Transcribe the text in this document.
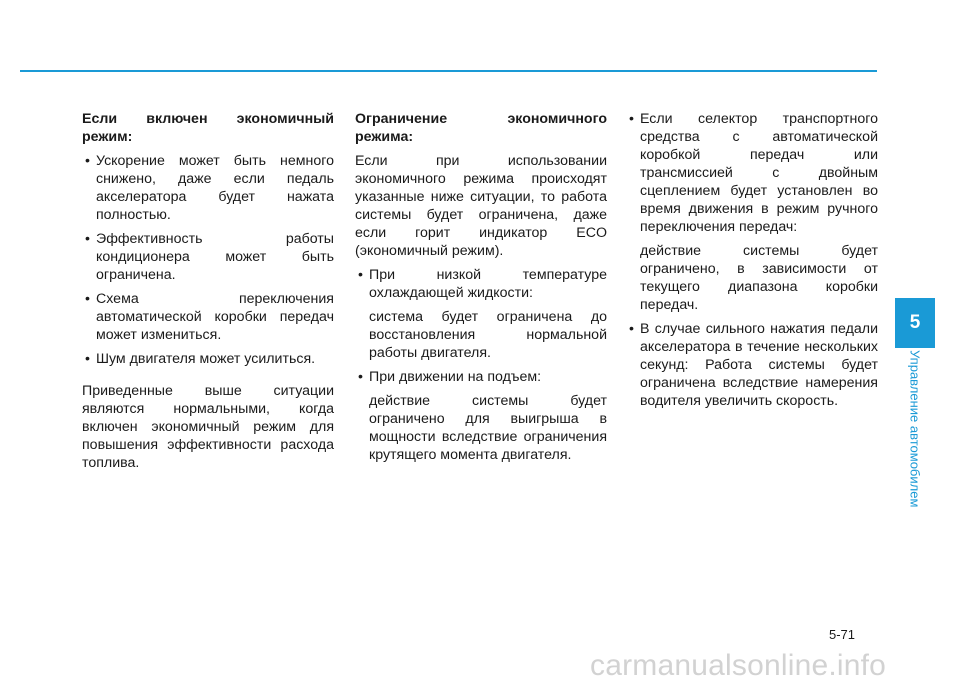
Если включен экономичный режим:
• Ускорение может быть немного снижено, даже если педаль акселератора будет нажата полностью.
• Эффективность работы кондиционера может быть ограничена.
• Схема переключения автоматической коробки передач может измениться.
• Шум двигателя может усилиться.

Приведенные выше ситуации являются нормальными, когда включен экономичный режим для повышения эффективности расхода топлива.

Ограничение экономичного режима:

Если при использовании экономичного режима происходят указанные ниже ситуации, то работа системы будет ограничена, даже если горит индикатор ECO (экономичный режим).

• При низкой температуре охлаждающей жидкости:

система будет ограничена до восстановления нормальной работы двигателя.

• При движении на подъем:

действие системы будет ограничено для выигрыша в мощности вследствие ограничения крутящего момента двигателя.

• Если селектор транспортного средства с автоматической коробкой передач или трансмиссией с двойным сцеплением будет установлен во время движения в режим ручного переключения передач:

действие системы будет ограничено, в зависимости от текущего диапазона коробки передач.

• В случае сильного нажатия педали акселератора в течение нескольких секунд: Работа системы будет ограничена вследствие намерения водителя увеличить скорость.
5
Управление автомобилем
5-71
carmanualsonline.info
